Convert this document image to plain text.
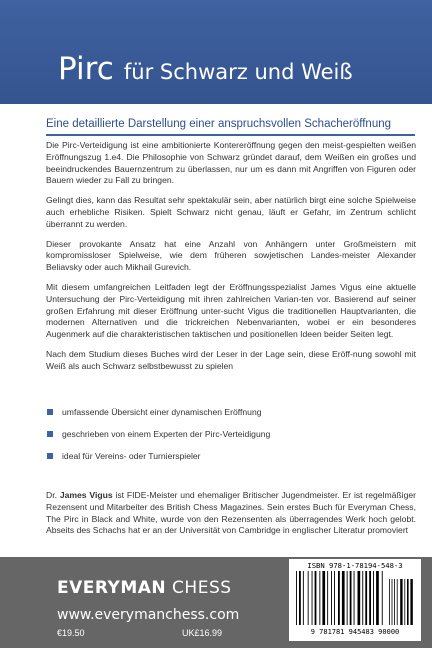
Pirc für Schwarz und Weiß
Eine detaillierte Darstellung einer anspruchsvollen Schacheröffnung

Die Pirc-Verteidigung ist eine ambitionierte Kontereröffnung gegen den meist-gespielten weißen Eröffnungszug 1.e4. Die Philosophie von Schwarz gründet darauf, dem Weißen ein großes und beeindruckendes Bauernzentrum zu überlassen, nur um es dann mit Angriffen von Figuren oder Bauern wieder zu Fall zu bringen.

Gelingt dies, kann das Resultat sehr spektakulär sein, aber natürlich birgt eine solche Spielweise auch erhebliche Risiken. Spielt Schwarz nicht genau, läuft er Gefahr, im Zentrum schlicht überrannt zu werden.

Dieser provokante Ansatz hat eine Anzahl von Anhängern unter Großmeistern mit kompromissloser Spielweise, wie dem früheren sowjetischen Landes-meister Alexander Beliavsky oder auch Mikhail Gurevich.

Mit diesem umfangreichen Leitfaden legt der Eröffnungsspezialist James Vigus eine aktuelle Untersuchung der Pirc-Verteidigung mit ihren zahlreichen Varian-ten vor. Basierend auf seiner großen Erfahrung mit dieser Eröffnung unter-sucht Vigus die traditionellen Hauptvarianten, die modernen Alternativen und die trickreichen Nebenvarianten, wobei er ein besonderes Augenmerk auf die charakteristischen taktischen und positionellen Ideen beider Seiten legt.

Nach dem Studium dieses Buches wird der Leser in der Lage sein, diese Eröff-nung sowohl mit Weiß als auch Schwarz selbstbewusst zu spielen

umfassende Übersicht einer dynamischen Eröffnung
geschrieben von einem Experten der Pirc-Verteidigung
ideal für Vereins- oder Turnierspieler
Dr. James Vigus ist FIDE-Meister und ehemaliger Britischer Jugendmeister. Er ist regelmäßiger Rezensent und Mitarbeiter des British Chess Magazines. Sein erstes Buch für Everyman Chess, The Pirc in Black and White, wurde von den Rezensenten als überragendes Werk hoch gelobt. Abseits des Schachs hat er an der Universität von Cambridge in englischer Literatur promoviert
EVERYMAN CHESS
www.everymanchess.com
€19.50	UK£16.99
ISBN 978-1-78194-548-3
9 781781 945483 90000
